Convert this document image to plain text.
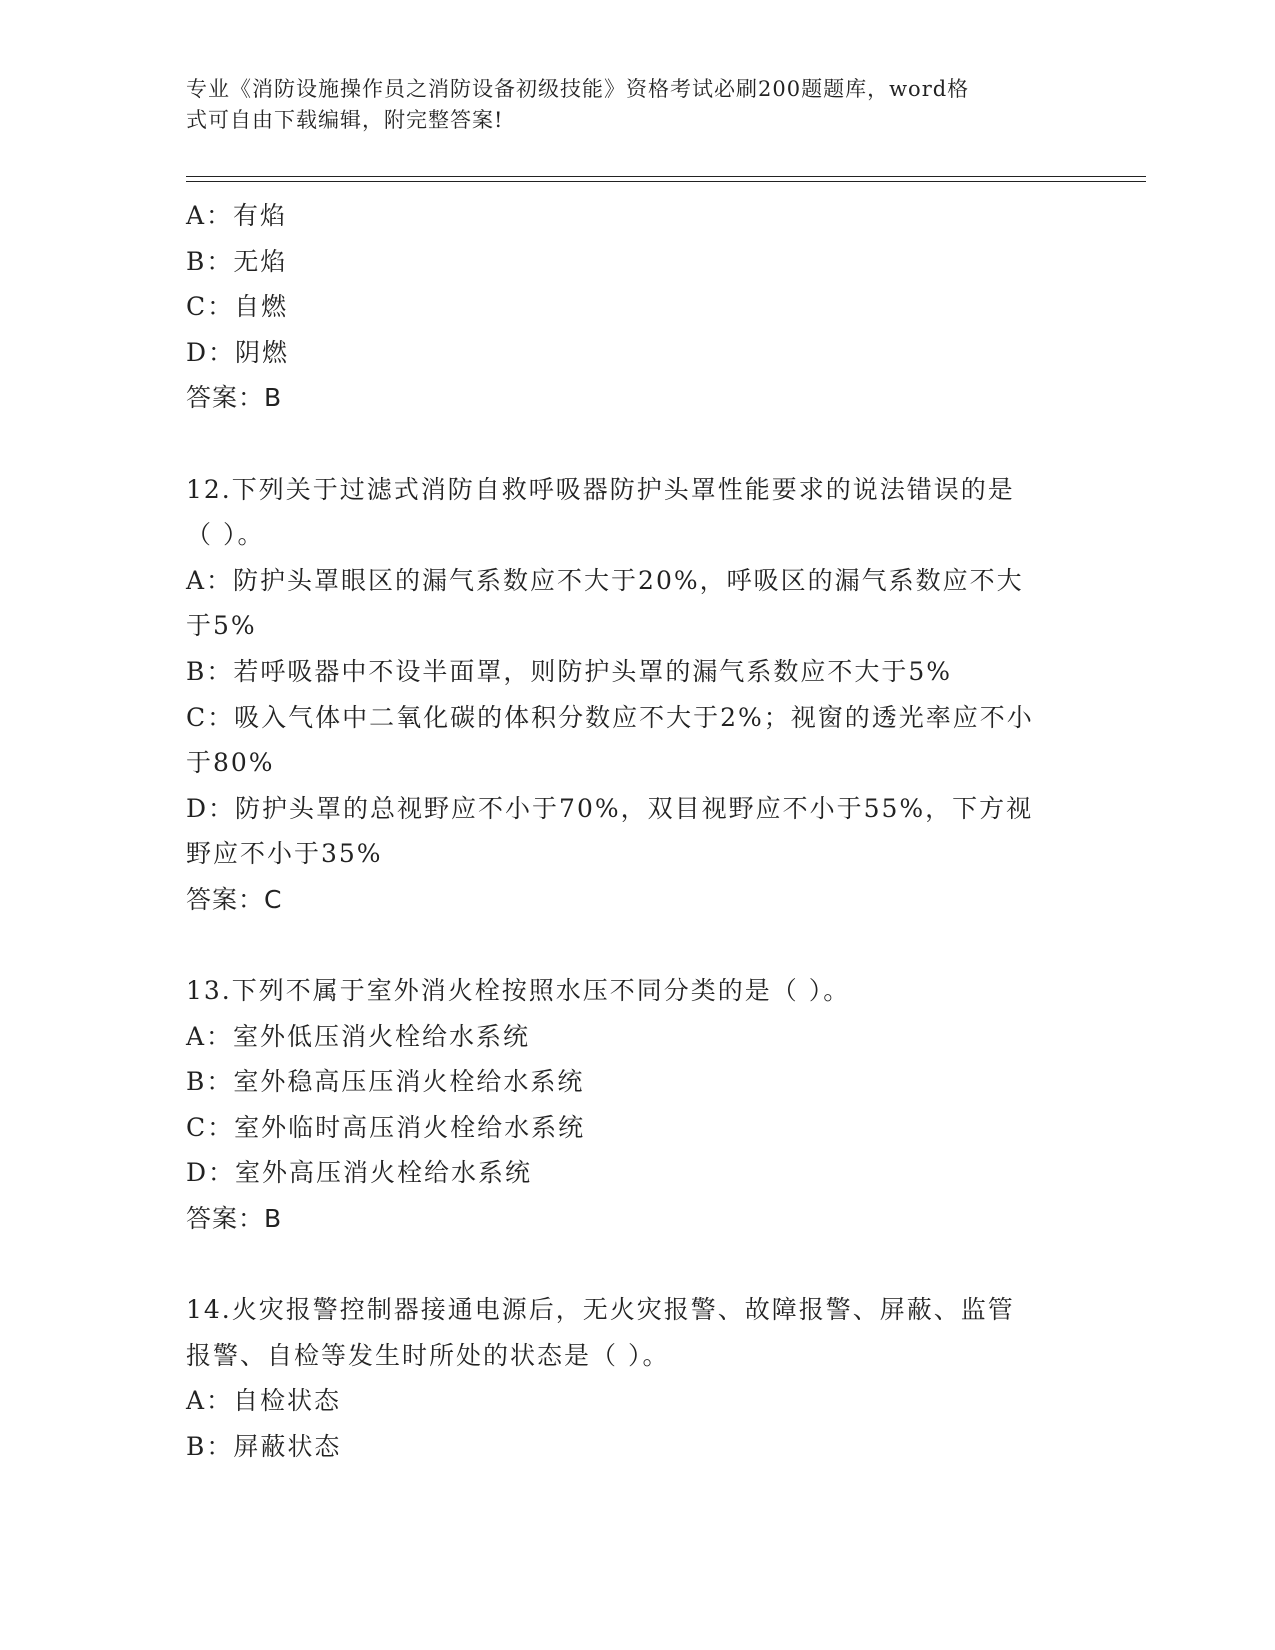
专业《消防设施操作员之消防设备初级技能》资格考试必刷200题题库，word格
式可自由下载编辑，附完整答案!
A：有焰
B：无焰
C：自燃
D：阴燃
答案：B
12.下列关于过滤式消防自救呼吸器防护头罩性能要求的说法错误的是
（ ）。
A：防护头罩眼区的漏气系数应不大于20%，呼吸区的漏气系数应不大
于5%
B：若呼吸器中不设半面罩，则防护头罩的漏气系数应不大于5%
C：吸入气体中二氧化碳的体积分数应不大于2%；视窗的透光率应不小
于80%
D：防护头罩的总视野应不小于70%，双目视野应不小于55%，下方视
野应不小于35%
答案：C
13.下列不属于室外消火栓按照水压不同分类的是（ ）。
A：室外低压消火栓给水系统
B：室外稳高压压消火栓给水系统
C：室外临时高压消火栓给水系统
D：室外高压消火栓给水系统
答案：B
14.火灾报警控制器接通电源后，无火灾报警、故障报警、屏蔽、监管
报警、自检等发生时所处的状态是（ ）。
A：自检状态
B：屏蔽状态
